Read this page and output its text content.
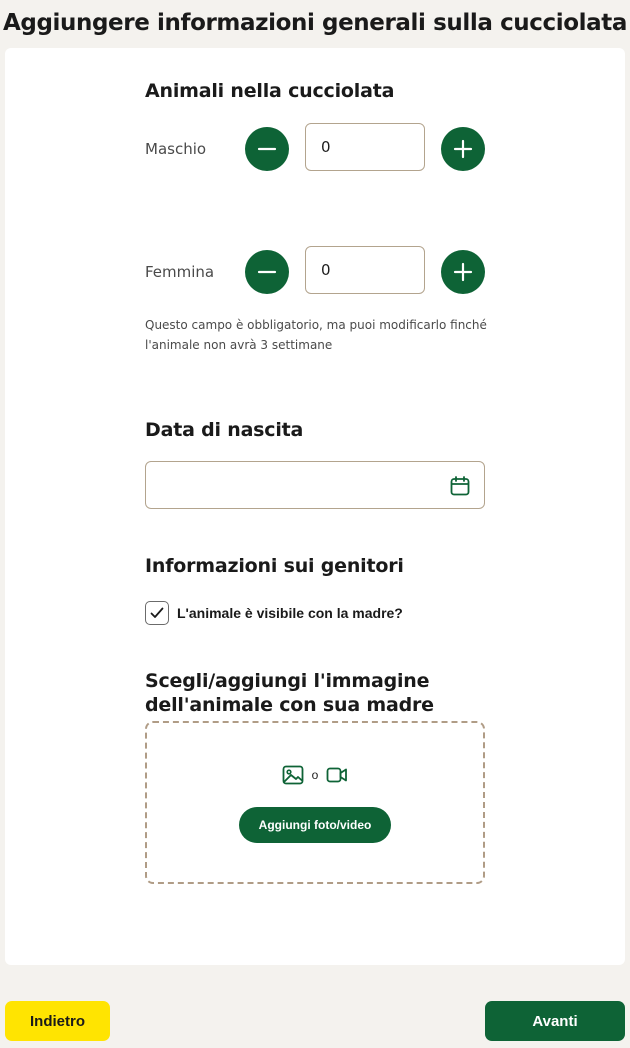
Aggiungere informazioni generali sulla cucciolata
Animali nella cucciolata
Maschio
0
Femmina
0
Questo campo è obbligatorio, ma puoi modificarlo finché l'animale non avrà 3 settimane
Data di nascita
Informazioni sui genitori
L'animale è visibile con la madre?
Scegli/aggiungi l'immagine
dell'animale con sua madre
o
Aggiungi foto/video
Indietro	Avanti
